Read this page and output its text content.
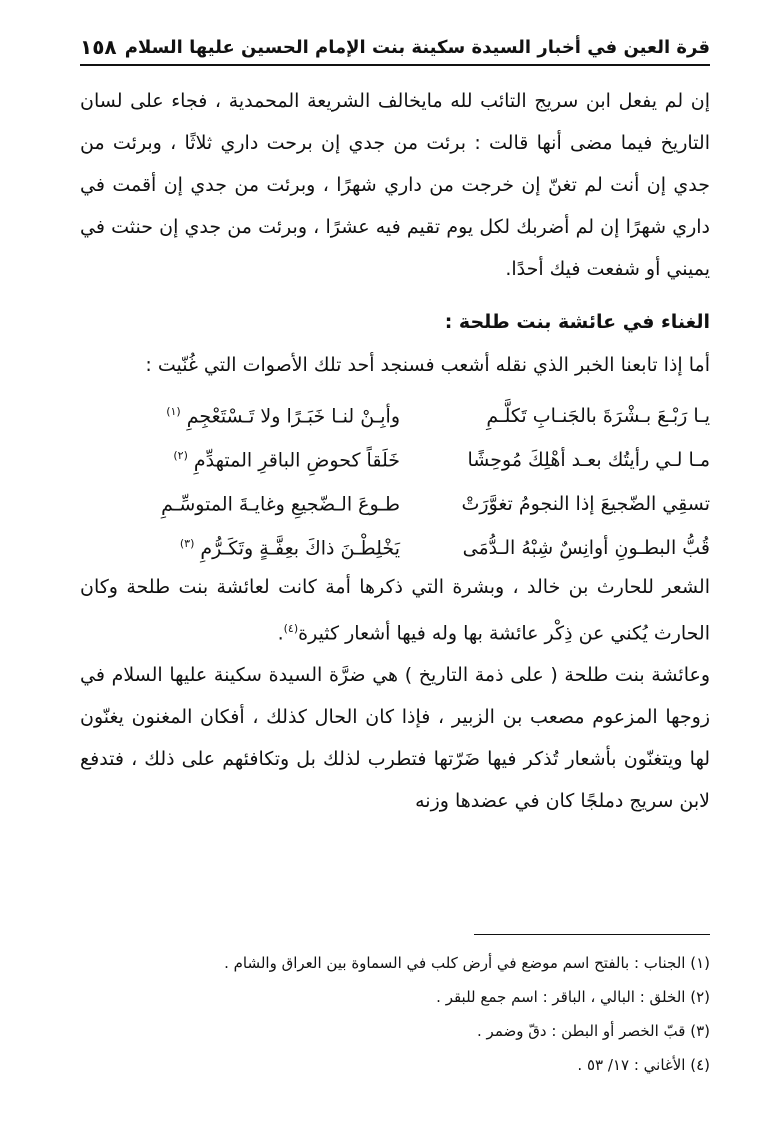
قرة العين في أخبار السيدة سكينة بنت الإمام الحسين عليها السلام
١٥٨

إن لم يفعل ابن سريج التائب لله مايخالف الشريعة المحمدية ، فجاء على لسان التاريخ فيما مضى أنها قالت : برئت من جدي إن برحت داري ثلاثًا ، وبرئت من جدي إن أنت لم تغنّ إن خرجت من داري شهرًا ، وبرئت من جدي إن أقمت في داري شهرًا إن لم أضربك لكل يوم تقيم فيه عشرًا ، وبرئت من جدي إن حنثت في يميني أو شفعت فيك أحدًا.

الغناء في عائشة بنت طلحة :

أما إذا تابعنا الخبر الذي نقله أشعب فسنجد أحد تلك الأصوات التي غُنّيت :

يـا رَبْـعَ بـشْرَةَ بالجَنـابِ تَكلَّـمِ
وأبِـنْ لنـا خَبَـرًا ولا تَـسْتَعْجِمِ $^{(١)}$
مـا لـي رأيتُك بعـد أهْلِكَ مُوحِشًا
خَلَقاً كحوضِ الباقرِ المتهدِّمِ $^{(٢)}$
تسقِي الضّجيعَ إذا النجومُ تغوَّرَتْ
طـوعَ الـضّجيعِ وغايـةَ المتوسِّـمِ
قُبُّ البطـونِ أوانِسٌ شِبْهُ الـدُّمَى
يَخْلِطْـنَ ذاكَ بعِفَّـةٍ وتَكَـرُّمِ $^{(٣)}$

الشعر للحارث بن خالد ، وبشرة التي ذكرها أمة كانت لعائشة بنت طلحة وكان الحارث يُكني عن ذِكْر عائشة بها وله فيها أشعار كثيرة$^{(٤)}$.

وعائشة بنت طلحة ( على ذمة التاريخ ) هي ضرَّة السيدة سكينة عليها السلام في زوجها المزعوم مصعب بن الزبير ، فإذا كان الحال كذلك ، أفكان المغنون يغنّون لها ويتغنّون بأشعار تُذكر فيها ضَرّتها فتطرب لذلك بل وتكافئهم على ذلك ، فتدفع لابن سريج دملجًا كان في عضدها وزنه

(١) الجناب : بالفتح اسم موضع في أرض كلب في السماوة بين العراق والشام .
(٢) الخلق : البالي ، الباقر : اسم جمع للبقر .
(٣) قبّ الخصر أو البطن : دقّ وضمر .
(٤) الأغاني : ١٧/ ٥٣ .
